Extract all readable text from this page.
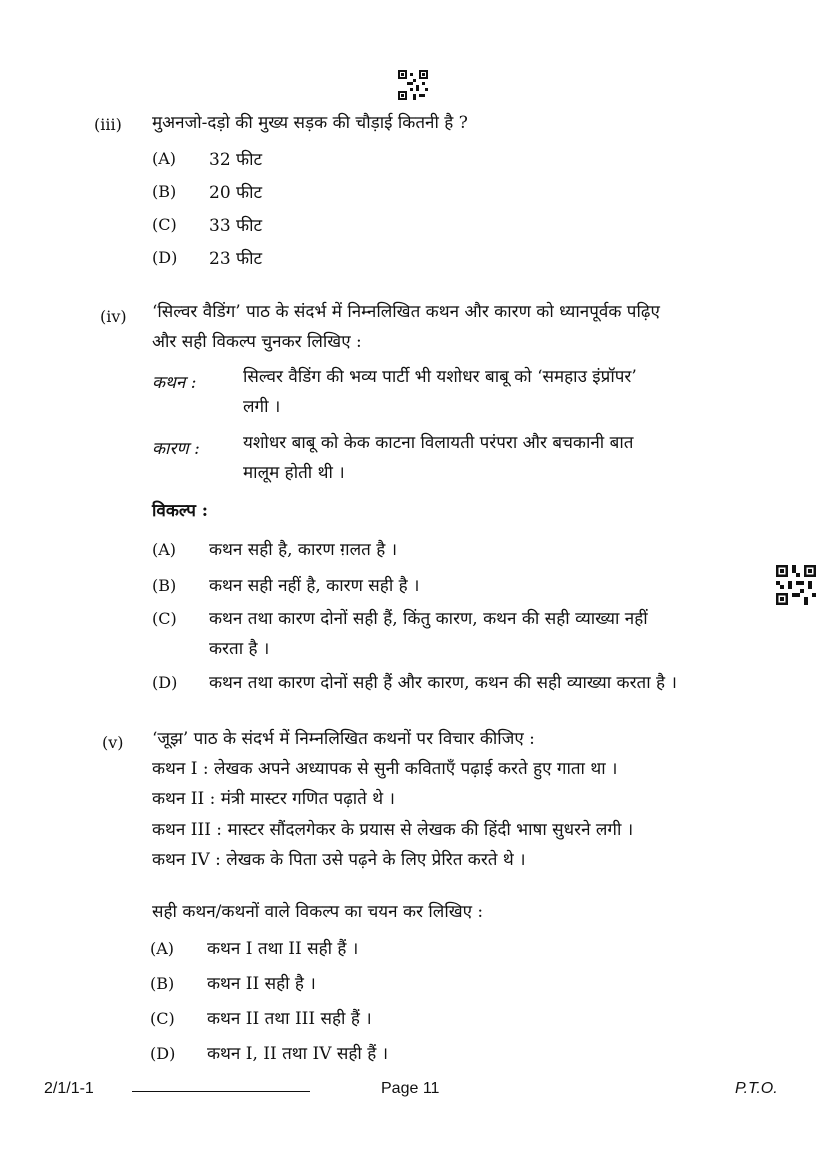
(iii) मुअनजो-दड़ो की मुख्य सड़क की चौड़ाई कितनी है ?
(A) 32 फीट
(B) 20 फीट
(C) 33 फीट
(D) 23 फीट
(iv) ‘सिल्वर वैडिंग’ पाठ के संदर्भ में निम्नलिखित कथन और कारण को ध्यानपूर्वक पढ़िए
और सही विकल्प चुनकर लिखिए :
कथन :	सिल्वर वैडिंग की भव्य पार्टी भी यशोधर बाबू को ‘समहाउ इंप्रॉपर’
लगी ।
कारण :	यशोधर बाबू को केक काटना विलायती परंपरा और बचकानी बात
मालूम होती थी ।
विकल्प :
(A) कथन सही है, कारण ग़लत है ।
(B) कथन सही नहीं है, कारण सही है ।
(C) कथन तथा कारण दोनों सही हैं, किंतु कारण, कथन की सही व्याख्या नहीं
करता है ।
(D) कथन तथा कारण दोनों सही हैं और कारण, कथन की सही व्याख्या करता है ।
(v) ‘जूझ’ पाठ के संदर्भ में निम्नलिखित कथनों पर विचार कीजिए :
कथन I : लेखक अपने अध्यापक से सुनी कविताएँ पढ़ाई करते हुए गाता था ।
कथन II : मंत्री मास्टर गणित पढ़ाते थे ।
कथन III : मास्टर सौंदलगेकर के प्रयास से लेखक की हिंदी भाषा सुधरने लगी ।
कथन IV : लेखक के पिता उसे पढ़ने के लिए प्रेरित करते थे ।
सही कथन/कथनों वाले विकल्प का चयन कर लिखिए :
(A) कथन I तथा II सही हैं ।
(B) कथन II सही है ।
(C) कथन II तथा III सही हैं ।
(D) कथन I, II तथा IV सही हैं ।
2/1/1-1	Page 11	P.T.O.
